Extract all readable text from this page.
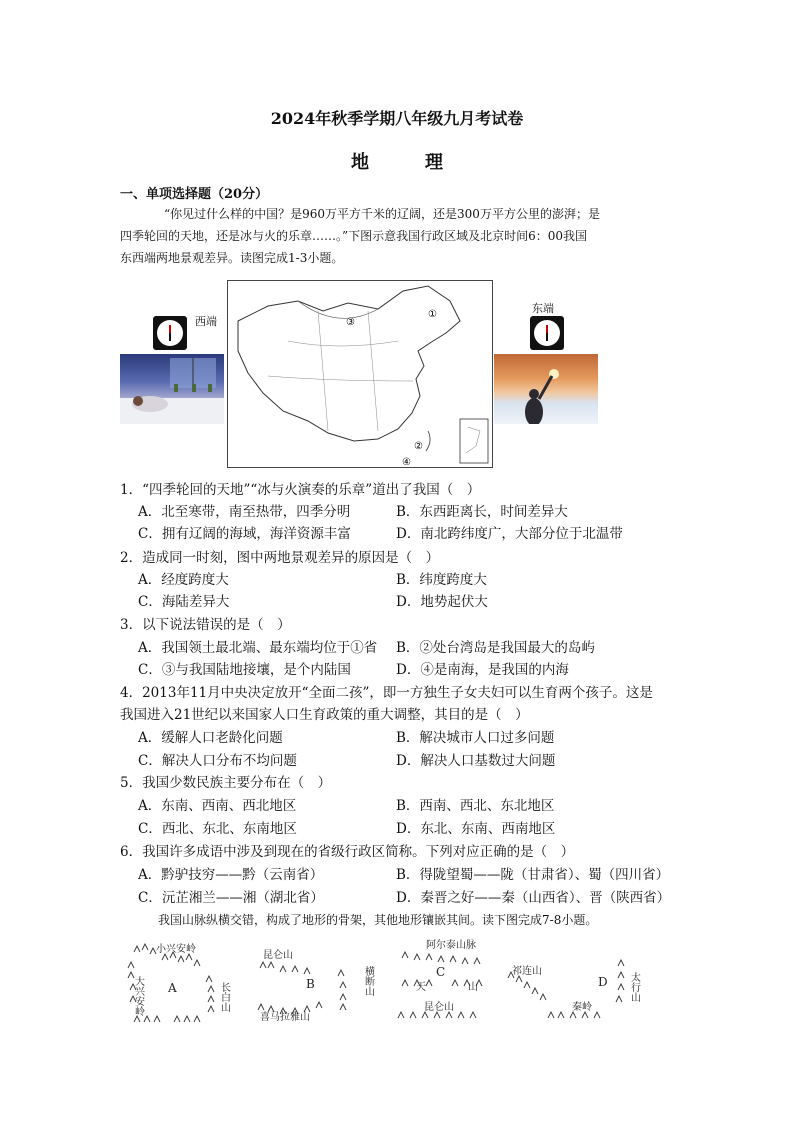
2024年秋季学期八年级九月考试卷
地	理
一、单项选择题（20分）
“你见过什么样的中国？是960万平方千米的辽阔，还是300万平方公里的澎湃；是
四季轮回的天地，还是冰与火的乐章……。”下图示意我国行政区域及北京时间6：00我国
东西端两地景观差异。读图完成1-3小题。
西端	③
①
②
④
东端
1．“四季轮回的天地”“冰与火演奏的乐章”道出了我国（　）
A．北至寒带，南至热带，四季分明	B．东西距离长，时间差异大
C．拥有辽阔的海域，海洋资源丰富	D．南北跨纬度广，大部分位于北温带
2．造成同一时刻，图中两地景观差异的原因是（　）
A．经度跨度大	B．纬度跨度大
C．海陆差异大	D．地势起伏大
3．以下说法错误的是（　）
A．我国领土最北端、最东端均位于①省 B．②处台湾岛是我国最大的岛屿
C．③与我国陆地接壤，是个内陆国	D．④是南海，是我国的内海
4．2013年11月中央决定放开“全面二孩”，即一方独生子女夫妇可以生育两个孩子。这是
我国进入21世纪以来国家人口生育政策的重大调整，其目的是（　）
A．缓解人口老龄化问题	B．解决城市人口过多问题
C．解决人口分布不均问题	D．解决人口基数过大问题
5．我国少数民族主要分布在（　）
A．东南、西南、西北地区	B．西南、西北、东北地区
C．西北、东北、东南地区	D．东北、东南、西南地区
6．我国许多成语中涉及到现在的省级行政区简称。下列对应正确的是（　）
A．黔驴技穷——黔（云南省）	B．得陇望蜀——陇（甘肃省）、蜀（四川省）
C．沅芷湘兰——湘（湖北省）	D．秦晋之好——秦（山西省）、晋（陕西省）
我国山脉纵横交错，构成了地形的骨架，其他地形镶嵌其间。读下图完成7-8小题。
小兴安岭
A
大兴安岭	长白山
昆仑山
B	横断山
喜马拉雅山
阿尔泰山脉
C
天	山
昆仑山
祁连山
D 太行山
秦岭
